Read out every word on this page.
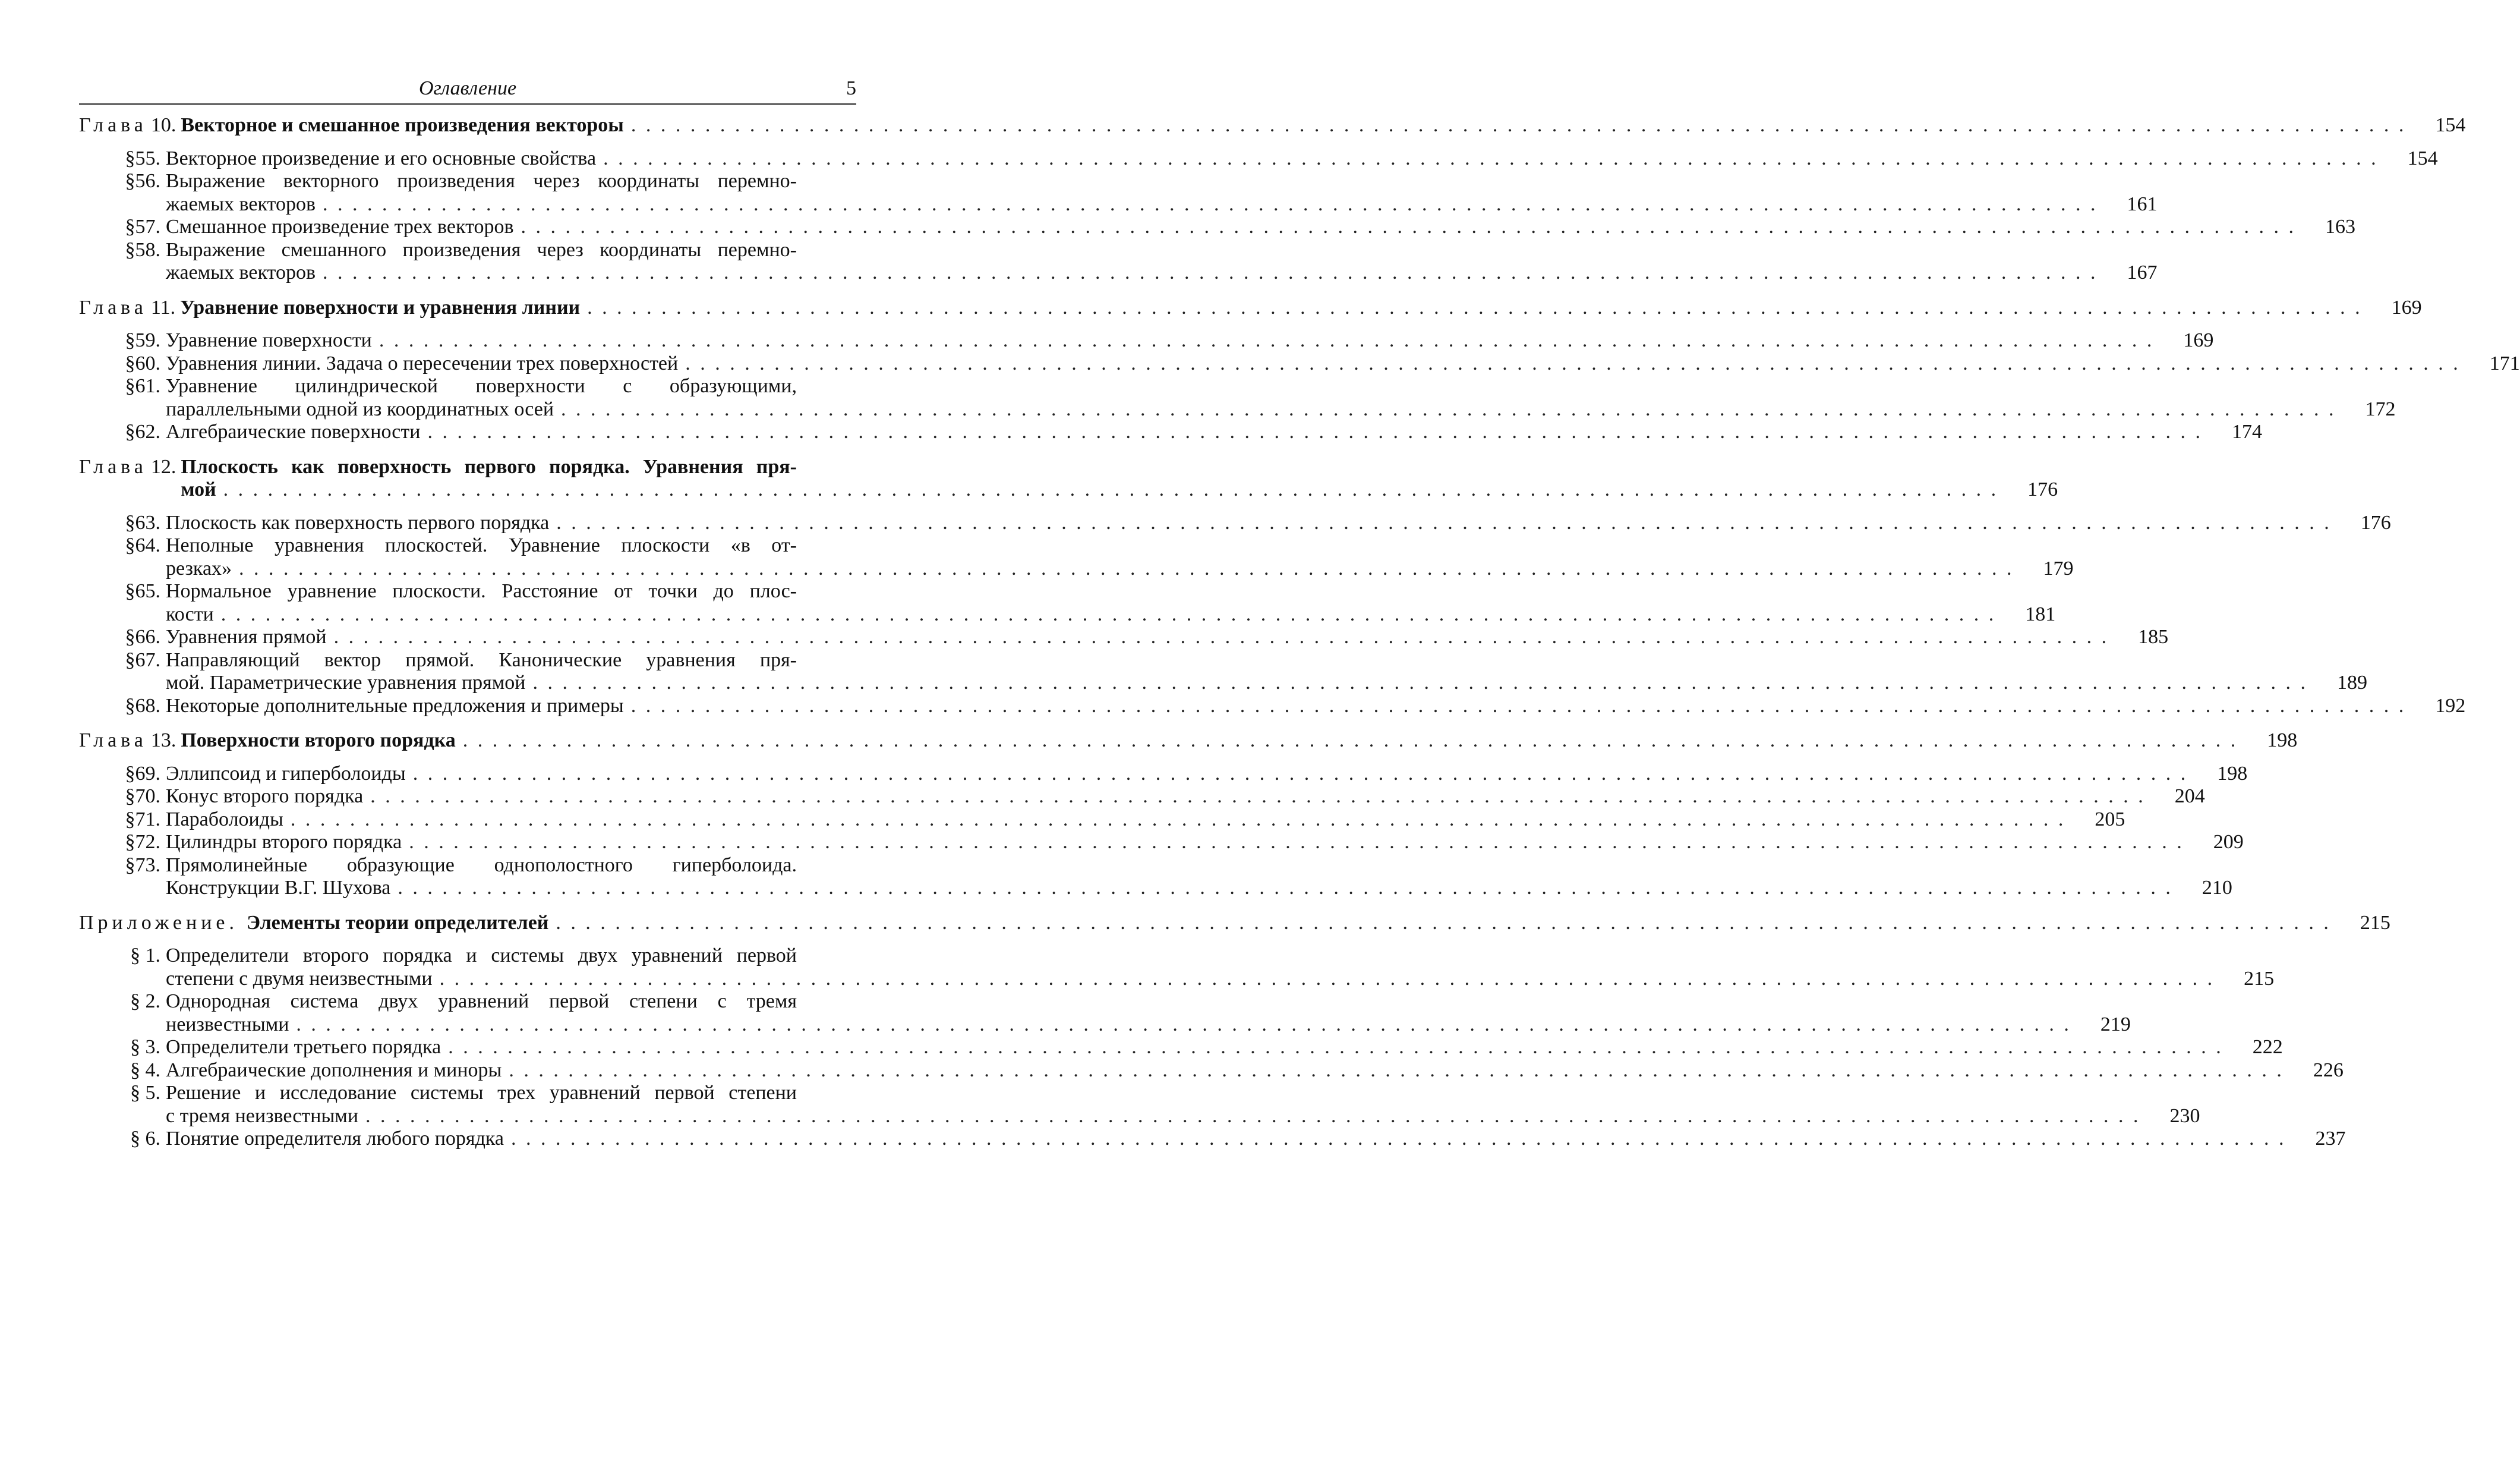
Оглавление	5
Глава 10. Векторное и смешанное произведения вектороы . . . . . . . . . . . . . . . . . . . . . . . . . . . . . . . . . . . . . . . . . . . . . . . . . . . . . . . . . . . . . . . . . . . . . . . . . . . . . . . . . . . . . . . . . . . . . . . . . . . . . . . . . . . . . . . . . . . . . . . .	154
§55. Векторное произведение и его основные свойства . . . . . . . . . . . . . . . . . . . . . . . . . . . . . . . . . . . . . . . . . . . . . . . . . . . . . . . . . . . . . . . . . . . . . . . . . . . . . . . . . . . . . . . . . . . . . . . . . . . . . . . . . . . . . . . . . . . . . . . .	154
§56. Выражение векторного произведения через координаты перемно-
жаемых векторов . . . . . . . . . . . . . . . . . . . . . . . . . . . . . . . . . . . . . . . . . . . . . . . . . . . . . . . . . . . . . . . . . . . . . . . . . . . . . . . . . . . . . . . . . . . . . . . . . . . . . . . . . . . . . . . . . . . . . . . .	161
§57. Смешанное произведение трех векторов . . . . . . . . . . . . . . . . . . . . . . . . . . . . . . . . . . . . . . . . . . . . . . . . . . . . . . . . . . . . . . . . . . . . . . . . . . . . . . . . . . . . . . . . . . . . . . . . . . . . . . . . . . . . . . . . . . . . . . . .	163
§58. Выражение смешанного произведения через координаты перемно-
жаемых векторов . . . . . . . . . . . . . . . . . . . . . . . . . . . . . . . . . . . . . . . . . . . . . . . . . . . . . . . . . . . . . . . . . . . . . . . . . . . . . . . . . . . . . . . . . . . . . . . . . . . . . . . . . . . . . . . . . . . . . . . .	167
Глава 11. Уравнение поверхности и уравнения линии . . . . . . . . . . . . . . . . . . . . . . . . . . . . . . . . . . . . . . . . . . . . . . . . . . . . . . . . . . . . . . . . . . . . . . . . . . . . . . . . . . . . . . . . . . . . . . . . . . . . . . . . . . . . . . . . . . . . . . . .	169
§59. Уравнение поверхности . . . . . . . . . . . . . . . . . . . . . . . . . . . . . . . . . . . . . . . . . . . . . . . . . . . . . . . . . . . . . . . . . . . . . . . . . . . . . . . . . . . . . . . . . . . . . . . . . . . . . . . . . . . . . . . . . . . . . . . .	169
§60. Уравнения линии. Задача о пересечении трех поверхностей . . . . . . . . . . . . . . . . . . . . . . . . . . . . . . . . . . . . . . . . . . . . . . . . . . . . . . . . . . . . . . . . . . . . . . . . . . . . . . . . . . . . . . . . . . . . . . . . . . . . . . . . . . . . . . . . . . . . . . . .	171
§61. Уравнение цилиндрической поверхности с образующими,
параллельными одной из координатных осей . . . . . . . . . . . . . . . . . . . . . . . . . . . . . . . . . . . . . . . . . . . . . . . . . . . . . . . . . . . . . . . . . . . . . . . . . . . . . . . . . . . . . . . . . . . . . . . . . . . . . . . . . . . . . . . . . . . . . . . .	172
§62. Алгебраические поверхности . . . . . . . . . . . . . . . . . . . . . . . . . . . . . . . . . . . . . . . . . . . . . . . . . . . . . . . . . . . . . . . . . . . . . . . . . . . . . . . . . . . . . . . . . . . . . . . . . . . . . . . . . . . . . . . . . . . . . . . .	174
Глава 12. Плоскость как поверхность первого порядка. Уравнения пря-
мой . . . . . . . . . . . . . . . . . . . . . . . . . . . . . . . . . . . . . . . . . . . . . . . . . . . . . . . . . . . . . . . . . . . . . . . . . . . . . . . . . . . . . . . . . . . . . . . . . . . . . . . . . . . . . . . . . . . . . . . .	176
§63. Плоскость как поверхность первого порядка . . . . . . . . . . . . . . . . . . . . . . . . . . . . . . . . . . . . . . . . . . . . . . . . . . . . . . . . . . . . . . . . . . . . . . . . . . . . . . . . . . . . . . . . . . . . . . . . . . . . . . . . . . . . . . . . . . . . . . . .	176
§64. Неполные уравнения плоскостей. Уравнение плоскости «в от-
резках» . . . . . . . . . . . . . . . . . . . . . . . . . . . . . . . . . . . . . . . . . . . . . . . . . . . . . . . . . . . . . . . . . . . . . . . . . . . . . . . . . . . . . . . . . . . . . . . . . . . . . . . . . . . . . . . . . . . . . . . .	179
§65. Нормальное уравнение плоскости. Расстояние от точки до плос-
кости . . . . . . . . . . . . . . . . . . . . . . . . . . . . . . . . . . . . . . . . . . . . . . . . . . . . . . . . . . . . . . . . . . . . . . . . . . . . . . . . . . . . . . . . . . . . . . . . . . . . . . . . . . . . . . . . . . . . . . . .	181
§66. Уравнения прямой . . . . . . . . . . . . . . . . . . . . . . . . . . . . . . . . . . . . . . . . . . . . . . . . . . . . . . . . . . . . . . . . . . . . . . . . . . . . . . . . . . . . . . . . . . . . . . . . . . . . . . . . . . . . . . . . . . . . . . . .	185
§67. Направляющий вектор прямой. Канонические уравнения пря-
мой. Параметрические уравнения прямой . . . . . . . . . . . . . . . . . . . . . . . . . . . . . . . . . . . . . . . . . . . . . . . . . . . . . . . . . . . . . . . . . . . . . . . . . . . . . . . . . . . . . . . . . . . . . . . . . . . . . . . . . . . . . . . . . . . . . . . .	189
§68. Некоторые дополнительные предложения и примеры . . . . . . . . . . . . . . . . . . . . . . . . . . . . . . . . . . . . . . . . . . . . . . . . . . . . . . . . . . . . . . . . . . . . . . . . . . . . . . . . . . . . . . . . . . . . . . . . . . . . . . . . . . . . . . . . . . . . . . . .	192
Глава 13. Поверхности второго порядка . . . . . . . . . . . . . . . . . . . . . . . . . . . . . . . . . . . . . . . . . . . . . . . . . . . . . . . . . . . . . . . . . . . . . . . . . . . . . . . . . . . . . . . . . . . . . . . . . . . . . . . . . . . . . . . . . . . . . . . .	198
§69. Эллипсоид и гиперболоиды . . . . . . . . . . . . . . . . . . . . . . . . . . . . . . . . . . . . . . . . . . . . . . . . . . . . . . . . . . . . . . . . . . . . . . . . . . . . . . . . . . . . . . . . . . . . . . . . . . . . . . . . . . . . . . . . . . . . . . . .	198
§70. Конус второго порядка . . . . . . . . . . . . . . . . . . . . . . . . . . . . . . . . . . . . . . . . . . . . . . . . . . . . . . . . . . . . . . . . . . . . . . . . . . . . . . . . . . . . . . . . . . . . . . . . . . . . . . . . . . . . . . . . . . . . . . . .	204
§71. Параболоиды . . . . . . . . . . . . . . . . . . . . . . . . . . . . . . . . . . . . . . . . . . . . . . . . . . . . . . . . . . . . . . . . . . . . . . . . . . . . . . . . . . . . . . . . . . . . . . . . . . . . . . . . . . . . . . . . . . . . . . . .	205
§72. Цилиндры второго порядка . . . . . . . . . . . . . . . . . . . . . . . . . . . . . . . . . . . . . . . . . . . . . . . . . . . . . . . . . . . . . . . . . . . . . . . . . . . . . . . . . . . . . . . . . . . . . . . . . . . . . . . . . . . . . . . . . . . . . . . .	209
§73. Прямолинейные образующие однополостного гиперболоида.
Конструкции В.Г. Шухова . . . . . . . . . . . . . . . . . . . . . . . . . . . . . . . . . . . . . . . . . . . . . . . . . . . . . . . . . . . . . . . . . . . . . . . . . . . . . . . . . . . . . . . . . . . . . . . . . . . . . . . . . . . . . . . . . . . . . . . .	210
Приложение. Элементы теории определителей . . . . . . . . . . . . . . . . . . . . . . . . . . . . . . . . . . . . . . . . . . . . . . . . . . . . . . . . . . . . . . . . . . . . . . . . . . . . . . . . . . . . . . . . . . . . . . . . . . . . . . . . . . . . . . . . . . . . . . . .	215
§ 1. Определители второго порядка и системы двух уравнений первой
степени с двумя неизвестными . . . . . . . . . . . . . . . . . . . . . . . . . . . . . . . . . . . . . . . . . . . . . . . . . . . . . . . . . . . . . . . . . . . . . . . . . . . . . . . . . . . . . . . . . . . . . . . . . . . . . . . . . . . . . . . . . . . . . . . .	215
§ 2. Однородная система двух уравнений первой степени с тремя
неизвестными . . . . . . . . . . . . . . . . . . . . . . . . . . . . . . . . . . . . . . . . . . . . . . . . . . . . . . . . . . . . . . . . . . . . . . . . . . . . . . . . . . . . . . . . . . . . . . . . . . . . . . . . . . . . . . . . . . . . . . . .	219
§ 3. Определители третьего порядка . . . . . . . . . . . . . . . . . . . . . . . . . . . . . . . . . . . . . . . . . . . . . . . . . . . . . . . . . . . . . . . . . . . . . . . . . . . . . . . . . . . . . . . . . . . . . . . . . . . . . . . . . . . . . . . . . . . . . . . .	222
§ 4. Алгебраические дополнения и миноры . . . . . . . . . . . . . . . . . . . . . . . . . . . . . . . . . . . . . . . . . . . . . . . . . . . . . . . . . . . . . . . . . . . . . . . . . . . . . . . . . . . . . . . . . . . . . . . . . . . . . . . . . . . . . . . . . . . . . . . .	226
§ 5. Решение и исследование системы трех уравнений первой степени
с тремя неизвестными . . . . . . . . . . . . . . . . . . . . . . . . . . . . . . . . . . . . . . . . . . . . . . . . . . . . . . . . . . . . . . . . . . . . . . . . . . . . . . . . . . . . . . . . . . . . . . . . . . . . . . . . . . . . . . . . . . . . . . . .	230
§ 6. Понятие определителя любого порядка . . . . . . . . . . . . . . . . . . . . . . . . . . . . . . . . . . . . . . . . . . . . . . . . . . . . . . . . . . . . . . . . . . . . . . . . . . . . . . . . . . . . . . . . . . . . . . . . . . . . . . . . . . . . . . . . . . . . . . . .	237
